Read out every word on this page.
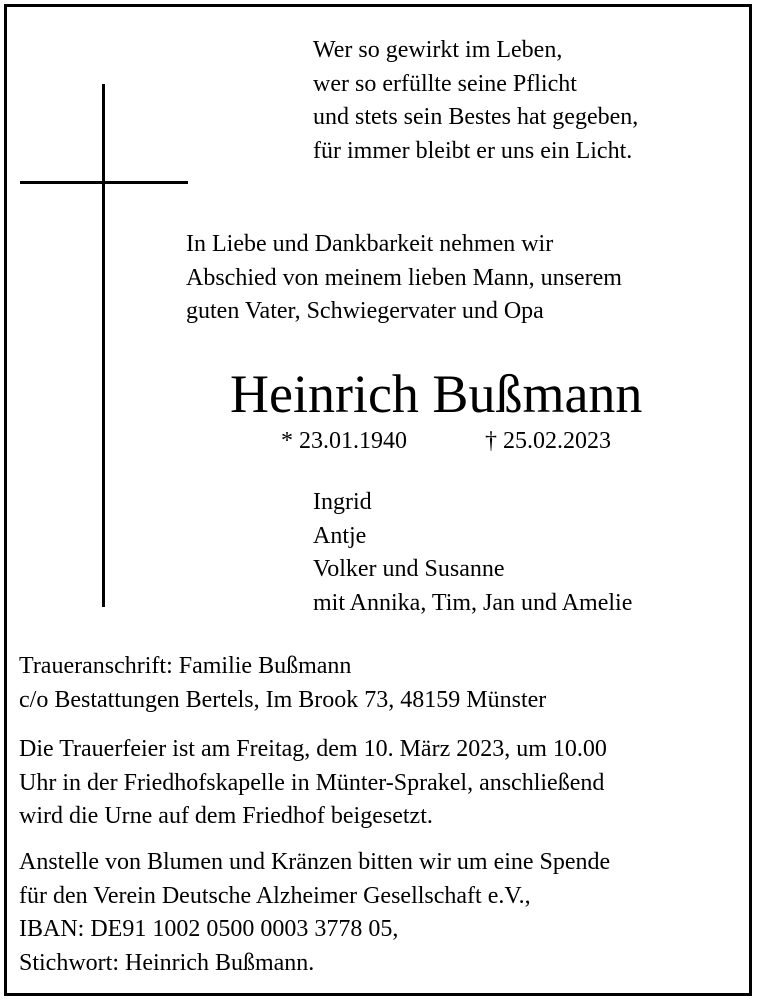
Wer so gewirkt im Leben,
wer so erfüllte seine Pflicht
und stets sein Bestes hat gegeben,
für immer bleibt er uns ein Licht.
In Liebe und Dankbarkeit nehmen wir
Abschied von meinem lieben Mann, unserem
guten Vater, Schwiegervater und Opa
Heinrich Bußmann
* 23.01.1940	† 25.02.2023
Ingrid
Antje
Volker und Susanne
mit Annika, Tim, Jan und Amelie
Traueranschrift: Familie Bußmann
c/o Bestattungen Bertels, Im Brook 73, 48159 Münster
Die Trauerfeier ist am Freitag, dem 10. März 2023, um 10.00
Uhr in der Friedhofskapelle in Münter-Sprakel, anschließend
wird die Urne auf dem Friedhof beigesetzt.
Anstelle von Blumen und Kränzen bitten wir um eine Spende
für den Verein Deutsche Alzheimer Gesellschaft e.V.,
IBAN: DE91 1002 0500 0003 3778 05,
Stichwort: Heinrich Bußmann.
